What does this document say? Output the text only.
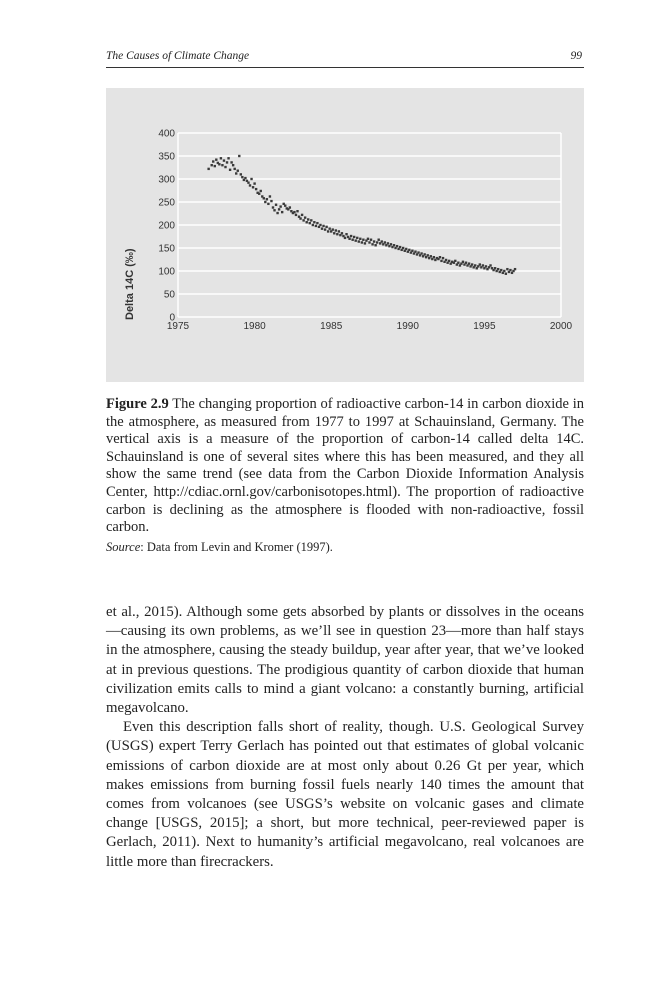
The Causes of Climate Change	99
0
50
100
150
200
250
300
350
400
1975	1980	1985	1990	1995	2000
Delta 14C (‰)
Figure 2.9 The changing proportion of radioactive carbon-14 in carbon dioxide in the atmosphere, as measured from 1977 to 1997 at Schauinsland, Germany. The vertical axis is a measure of the proportion of carbon-14 called delta 14C. Schauinsland is one of several sites where this has been measured, and they all show the same trend (see data from the Carbon Dioxide Information Analysis Center, http://cdiac.ornl.gov/carbonisotopes.html). The proportion of radioactive carbon is declining as the atmosphere is flooded with non-radioactive, fossil carbon.
Source: Data from Levin and Kromer (1997).

et al., 2015). Although some gets absorbed by plants or dissolves in the oceans—causing its own problems, as we’ll see in question 23—more than half stays in the atmosphere, causing the steady buildup, year after year, that we’ve looked at in previous questions. The prodigious quantity of carbon dioxide that human civilization emits calls to mind a giant volcano: a constantly burning, artificial megavolcano.

Even this description falls short of reality, though. U.S. Geological Survey (USGS) expert Terry Gerlach has pointed out that estimates of global volcanic emissions of carbon dioxide are at most only about 0.26 Gt per year, which makes emissions from burning fossil fuels nearly 140 times the amount that comes from volcanoes (see USGS’s website on volcanic gases and climate change [USGS, 2015]; a short, but more technical, peer-reviewed paper is Gerlach, 2011). Next to humanity’s artificial megavolcano, real volcanoes are little more than firecrackers.
